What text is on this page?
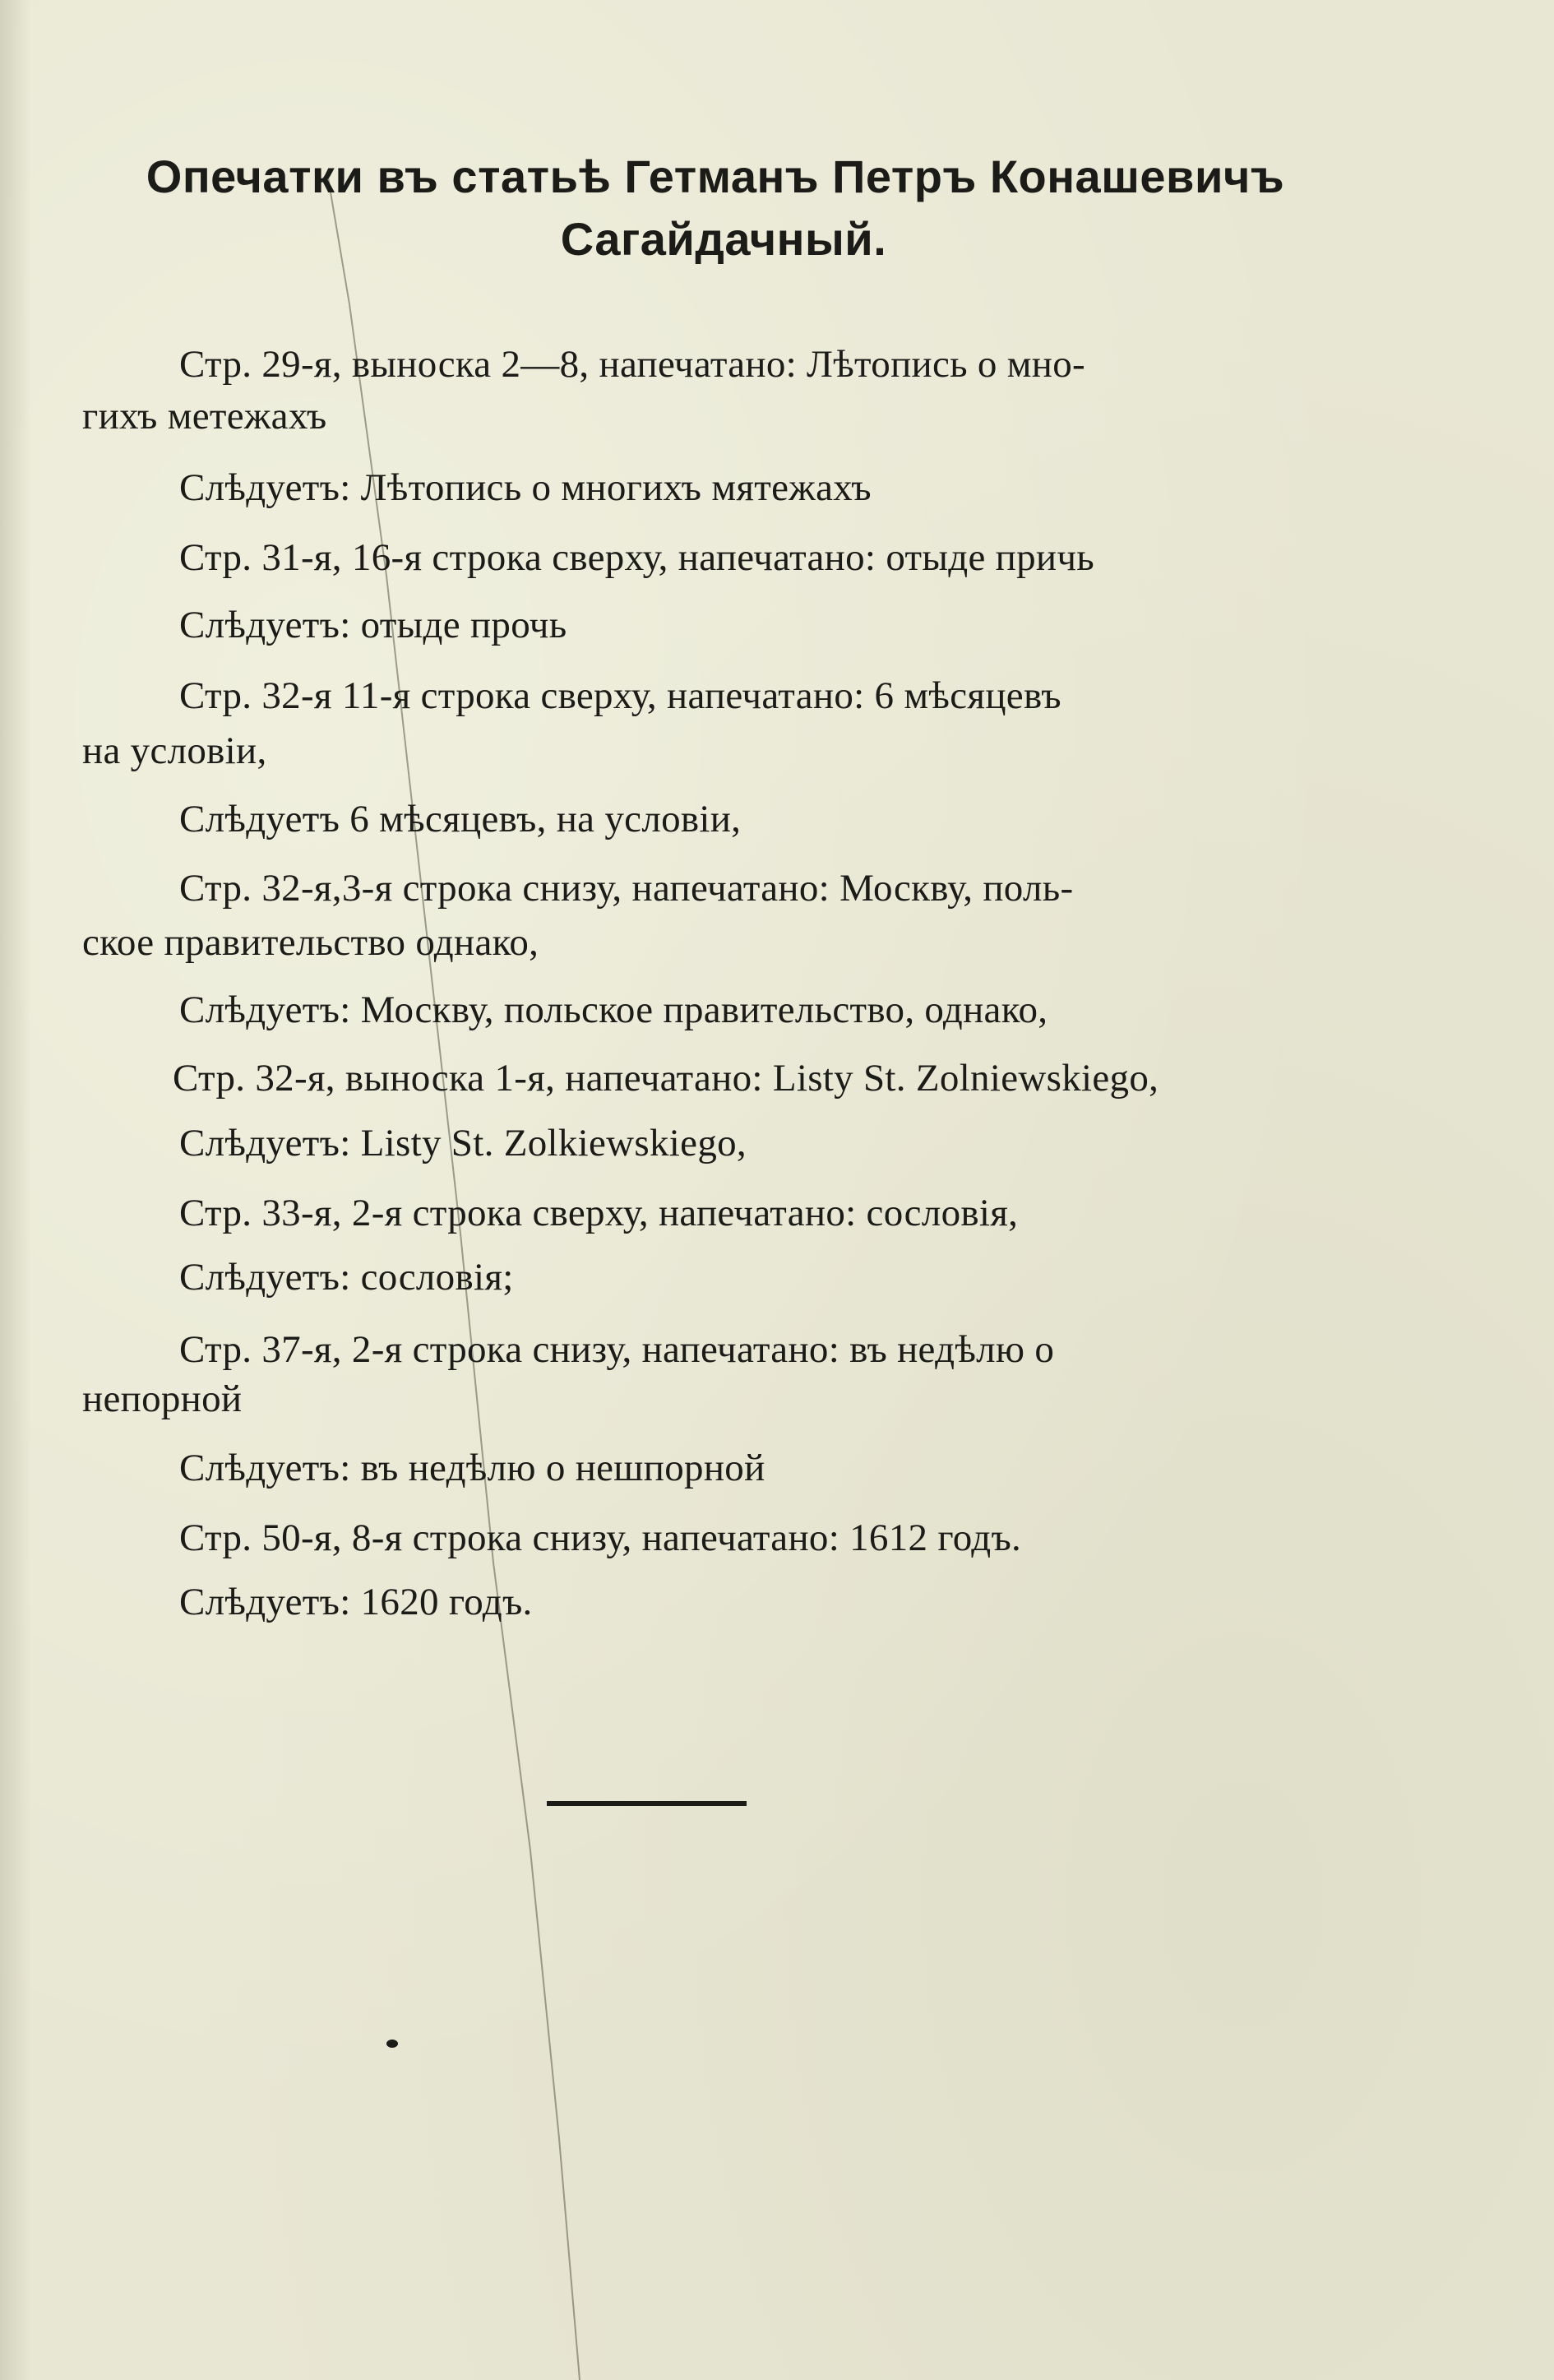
Опечатки въ статьѣ Гетманъ Петръ Конашевичъ
Сагайдачный.
Стр. 29-я, выноска 2—8, напечатано: Лѣтопись о мно-
гихъ метежахъ
Слѣдуетъ: Лѣтопись о многихъ мятежахъ
Стр. 31-я, 16-я строка сверху, напечатано: отыде причь
Слѣдуетъ: отыде прочь
Стр. 32-я 11-я строка сверху, напечатано: 6 мѣсяцевъ
на условiи,
Слѣдуетъ 6 мѣсяцевъ, на условiи,
Стр. 32-я,3-я строка снизу, напечатано: Москву, поль-
ское правительство однако,
Слѣдуетъ: Москву, польское правительство, однако,
Стр. 32-я, выноска 1-я, напечатано: Listy St. Zolniewskiego,
Слѣдуетъ: Listy St. Zolkiewskiego,
Стр. 33-я, 2-я строка сверху, напечатано: сословiя,
Слѣдуетъ: сословiя;
Стр. 37-я, 2-я строка снизу, напечатано: въ недѣлю о
непорной
Слѣдуетъ: въ недѣлю о нешпорной
Стр. 50-я, 8-я строка снизу, напечатано: 1612 годъ.
Слѣдуетъ: 1620 годъ.
